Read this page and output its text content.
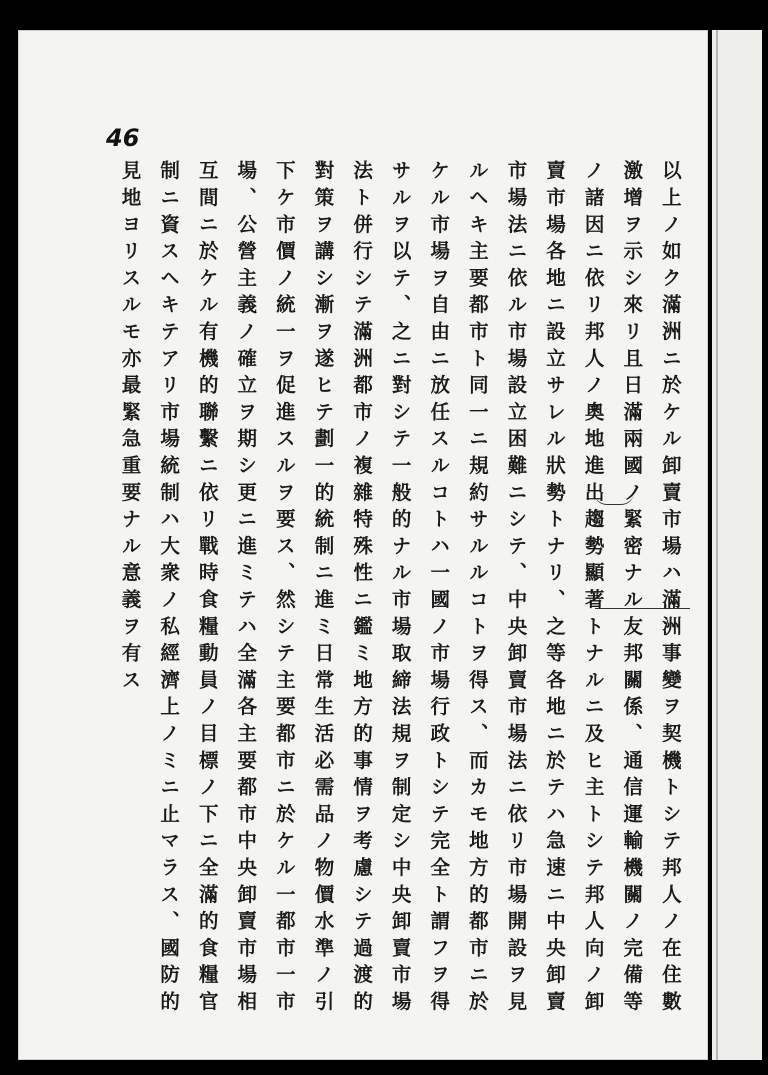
46
以上ノ如ク滿洲ニ於ケル卸賣市場ハ滿洲事變ヲ契機トシテ邦人ノ在住數
激增ヲ示シ來リ且日滿兩國ノ緊密ナル友邦關係、通信運輸機關ノ完備等
ノ諸因ニ依リ邦人ノ奧地進出趨勢顯著トナルニ及ヒ主トシテ邦人向ノ卸
賣市場各地ニ設立サレル狀勢トナリ、之等各地ニ於テハ急速ニ中央卸賣
市場法ニ依ル市場設立困難ニシテ、中央卸賣市場法ニ依リ市場開設ヲ見
ルヘキ主要都市ト同一ニ規約サルルコトヲ得ス、而カモ地方的都市ニ於
ケル市場ヲ自由ニ放任スルコトハ一國ノ市場行政トシテ完全ト謂フヲ得
サルヲ以テ、之ニ對シテ一般的ナル市場取締法規ヲ制定シ中央卸賣市場
法ト併行シテ滿洲都市ノ複雜特殊性ニ鑑ミ地方的事情ヲ考慮シテ過渡的
對策ヲ講シ漸ヲ遂ヒテ劃一的統制ニ進ミ日常生活必需品ノ物價水準ノ引
下ケ市價ノ統一ヲ促進スルヲ要ス、然シテ主要都市ニ於ケル一都市一市
場、公營主義ノ確立ヲ期シ更ニ進ミテハ全滿各主要都市中央卸賣市場相
互間ニ於ケル有機的聯繫ニ依リ戰時食糧動員ノ目標ノ下ニ全滿的食糧官
制ニ資スヘキテアリ市場統制ハ大衆ノ私經濟上ノミニ止マラス、國防的
見地ヨリスルモ亦最緊急重要ナル意義ヲ有ス
